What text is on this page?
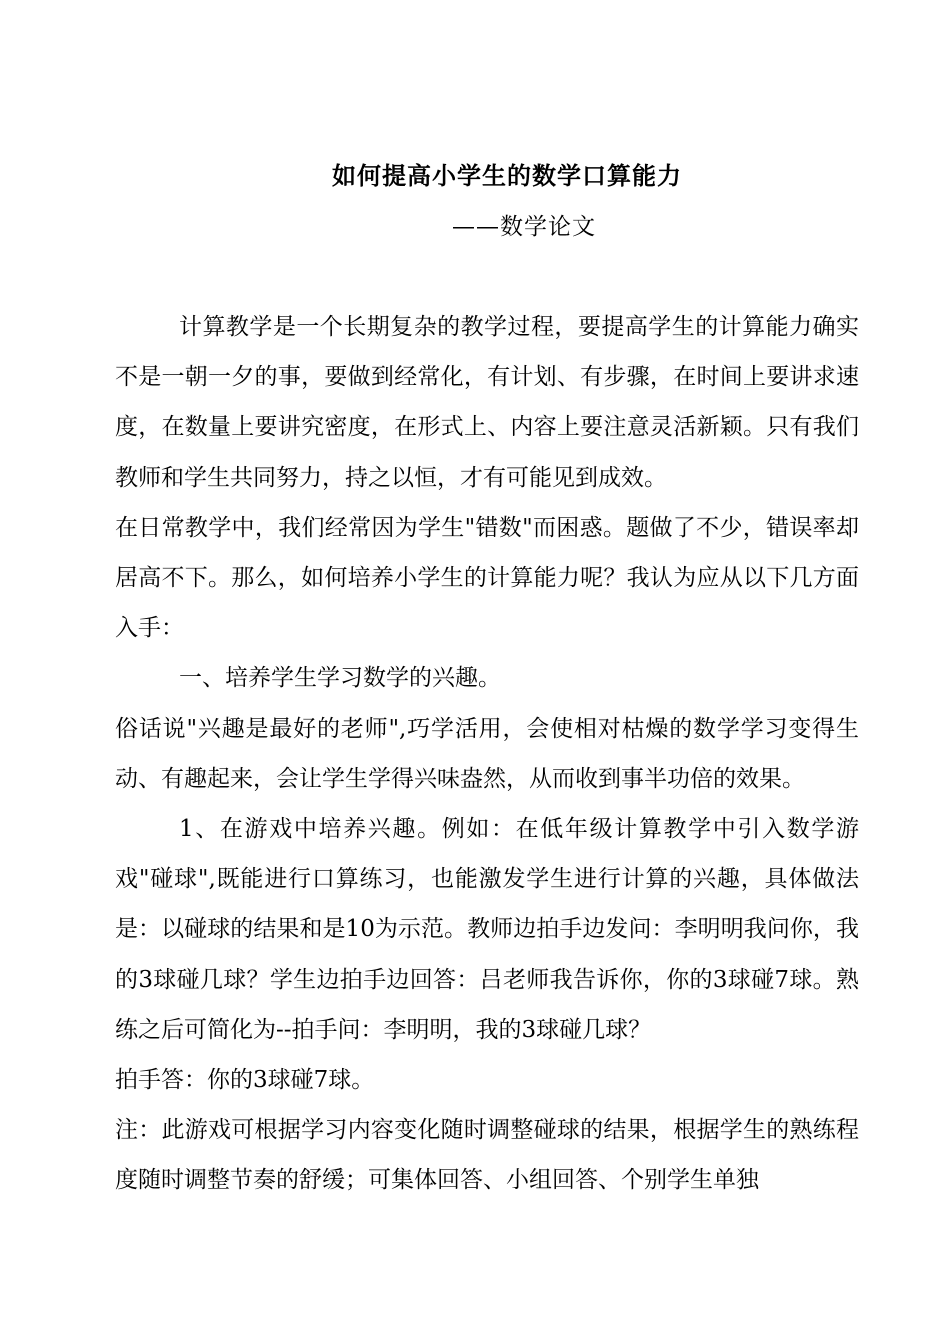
如何提高小学生的数学口算能力
——数学论文

计算教学是一个长期复杂的教学过程，要提高学生的计算能力确实不是一朝一夕的事，要做到经常化，有计划、有步骤，在时间上要讲求速度，在数量上要讲究密度，在形式上、内容上要注意灵活新颖。只有我们教师和学生共同努力，持之以恒，才有可能见到成效。

在日常教学中，我们经常因为学生"错数"而困惑。题做了不少，错误率却居高不下。那么，如何培养小学生的计算能力呢？我认为应从以下几方面入手：

一、培养学生学习数学的兴趣。

俗话说"兴趣是最好的老师",巧学活用，会使相对枯燥的数学学习变得生动、有趣起来，会让学生学得兴味盎然，从而收到事半功倍的效果。

1、在游戏中培养兴趣。例如：在低年级计算教学中引入数学游戏"碰球",既能进行口算练习，也能激发学生进行计算的兴趣，具体做法是：以碰球的结果和是10为示范。教师边拍手边发问：李明明我问你，我的3球碰几球？学生边拍手边回答：吕老师我告诉你，你的3球碰7球。熟练之后可简化为--拍手问：李明明，我的3球碰几球？

拍手答：你的3球碰7球。

注：此游戏可根据学习内容变化随时调整碰球的结果，根据学生的熟练程度随时调整节奏的舒缓；可集体回答、小组回答、个别学生单独
